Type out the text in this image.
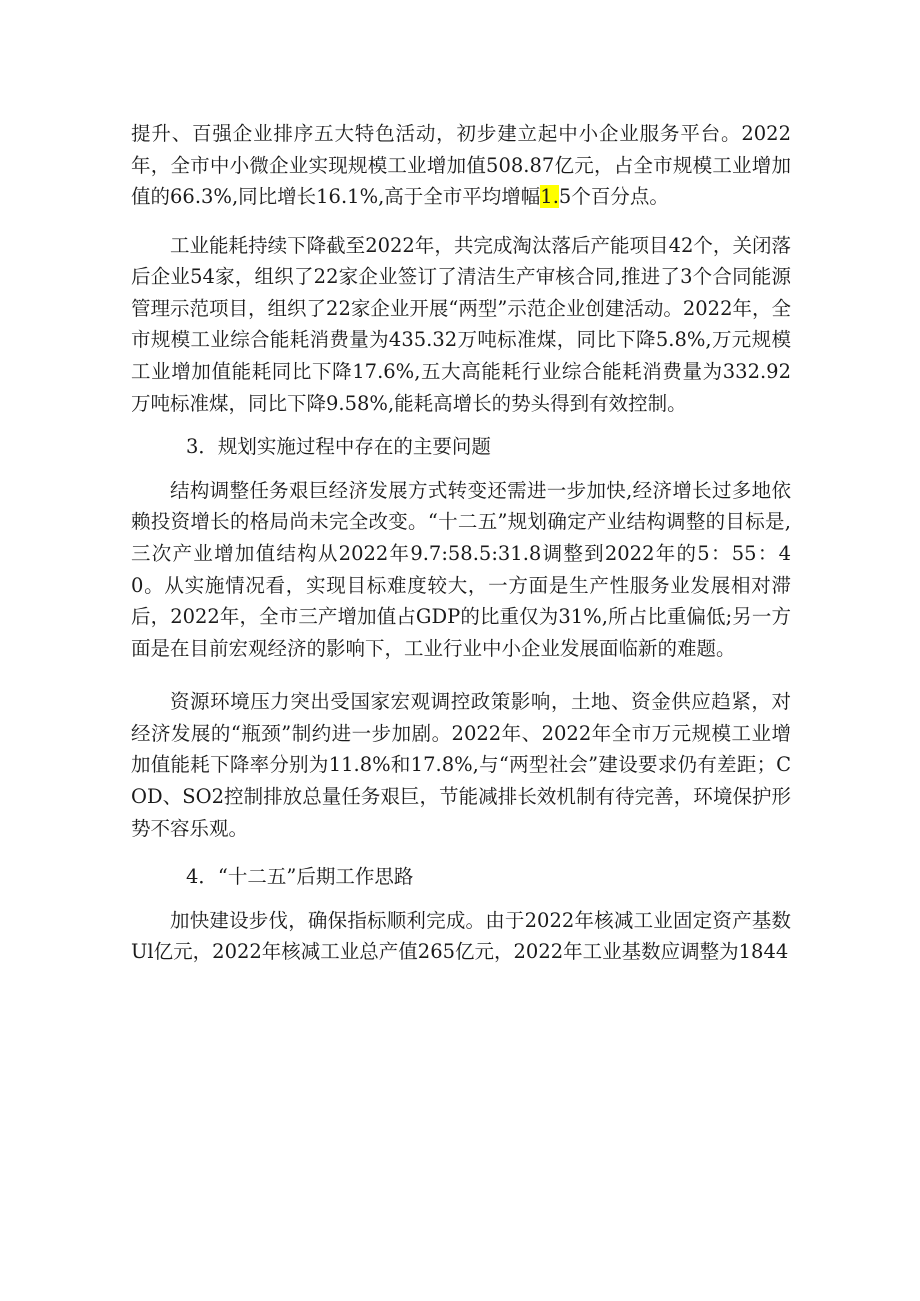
提升、百强企业排序五大特色活动，初步建立起中小企业服务平台。2022年，全市中小微企业实现规模工业增加值508.87亿元，占全市规模工业增加值的66.3%,同比增长16.1%,高于全市平均增幅1.5个百分点。

工业能耗持续下降截至2022年，共完成淘汰落后产能项目42个，关闭落后企业54家，组织了22家企业签订了清洁生产审核合同,推进了3个合同能源管理示范项目，组织了22家企业开展“两型”示范企业创建活动。2022年，全市规模工业综合能耗消费量为435.32万吨标准煤，同比下降5.8%,万元规模工业增加值能耗同比下降17.6%,五大高能耗行业综合能耗消费量为332.92万吨标准煤，同比下降9.58%,能耗高增长的势头得到有效控制。

3．规划实施过程中存在的主要问题

结构调整任务艰巨经济发展方式转变还需进一步加快,经济增长过多地依赖投资增长的格局尚未完全改变。“十二五”规划确定产业结构调整的目标是,三次产业增加值结构从2022年9.7:58.5:31.8调整到2022年的5：55：40。从实施情况看，实现目标难度较大，一方面是生产性服务业发展相对滞后，2022年，全市三产增加值占GDP的比重仅为31%,所占比重偏低;另一方面是在目前宏观经济的影响下，工业行业中小企业发展面临新的难题。

资源环境压力突出受国家宏观调控政策影响，土地、资金供应趋紧，对经济发展的“瓶颈”制约进一步加剧。2022年、2022年全市万元规模工业增加值能耗下降率分别为11.8%和17.8%,与“两型社会”建设要求仍有差距；COD、SO2控制排放总量任务艰巨，节能减排长效机制有待完善，环境保护形势不容乐观。

4．“十二五”后期工作思路

加快建设步伐，确保指标顺利完成。由于2022年核减工业固定资产基数Ul亿元，2022年核减工业总产值265亿元，2022年工业基数应调整为1844
